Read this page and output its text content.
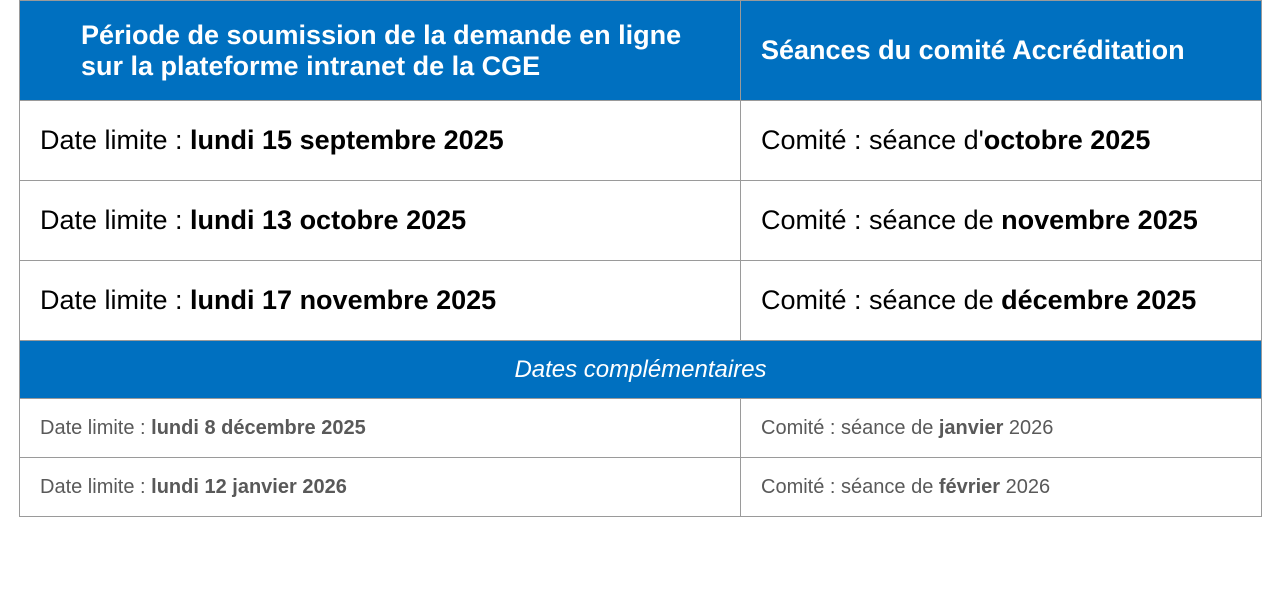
Période de soumission de la demande en ligne
sur la plateforme intranet de la CGE	Séances du comité Accréditation
Date limite : lundi 15 septembre 2025	Comité : séance d'octobre 2025
Date limite : lundi 13 octobre 2025	Comité : séance de novembre 2025
Date limite : lundi 17 novembre 2025	Comité : séance de décembre 2025
Dates complémentaires	
Date limite : lundi 8 décembre 2025	Comité : séance de janvier 2026
Date limite : lundi 12 janvier 2026	Comité : séance de février 2026
